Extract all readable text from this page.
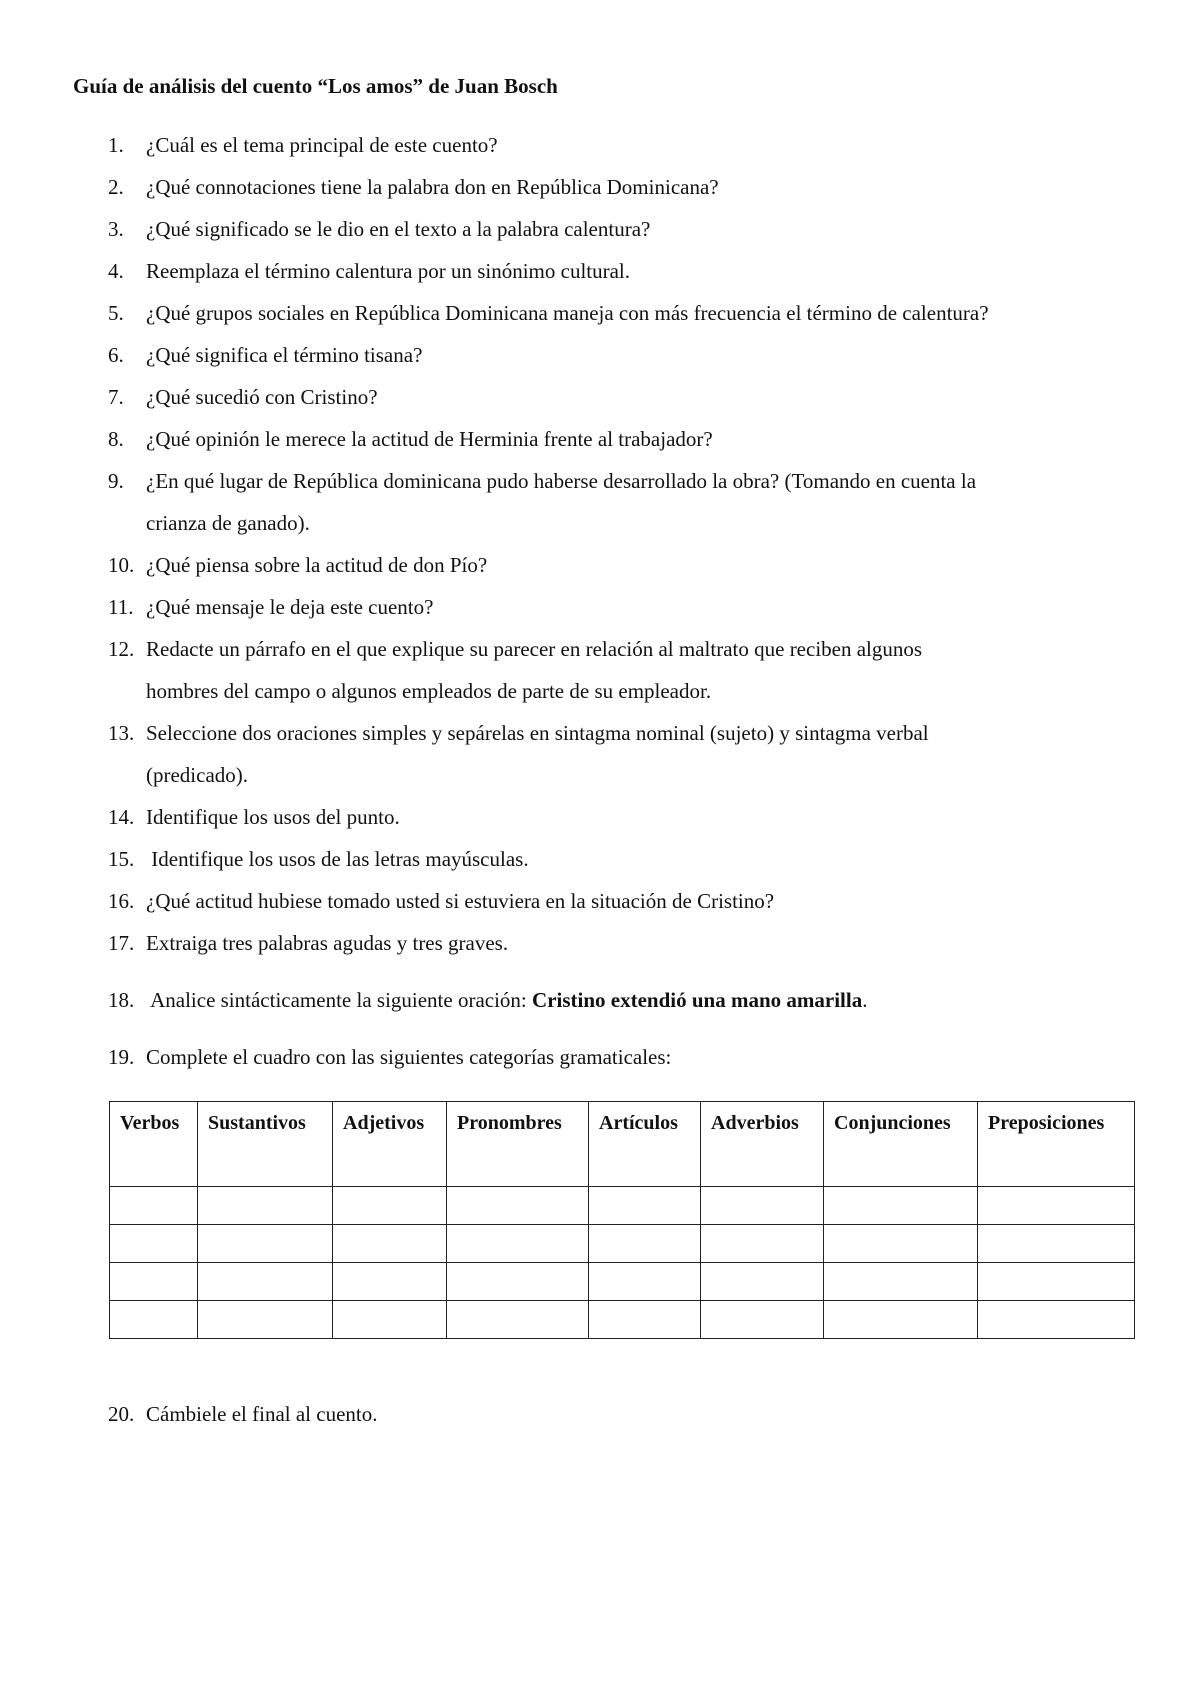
Guía de análisis del cuento “Los amos” de Juan Bosch
1.	¿Cuál es el tema principal de este cuento?
2.	¿Qué connotaciones tiene la palabra don en República Dominicana?
3.	¿Qué significado se le dio en el texto a la palabra calentura?
4.	Reemplaza el término calentura por un sinónimo cultural.
5.	¿Qué grupos sociales en República Dominicana maneja con más frecuencia el término de calentura?
6.	¿Qué significa el término tisana?
7.	¿Qué sucedió con Cristino?
8.	¿Qué opinión le merece la actitud de Herminia frente al trabajador?
9.	¿En qué lugar de República dominicana pudo haberse desarrollado la obra? (Tomando en cuenta la
crianza de ganado).
10. ¿Qué piensa sobre la actitud de don Pío?
11. ¿Qué mensaje le deja este cuento?
12. Redacte un párrafo en el que explique su parecer en relación al maltrato que reciben algunos
hombres del campo o algunos empleados de parte de su empleador.
13. Seleccione dos oraciones simples y sepárelas en sintagma nominal (sujeto) y sintagma verbal
(predicado).
14. Identifique los usos del punto.
15. Identifique los usos de las letras mayúsculas.
16. ¿Qué actitud hubiese tomado usted si estuviera en la situación de Cristino?
17. Extraiga tres palabras agudas y tres graves.
18. Analice sintácticamente la siguiente oración: Cristino extendió una mano amarilla.
19. Complete el cuadro con las siguientes categorías gramaticales:
Verbos	Sustantivos	Adjetivos	Pronombres	Artículos	Adverbios	Conjunciones	Preposiciones

20. Cámbiele el final al cuento.
